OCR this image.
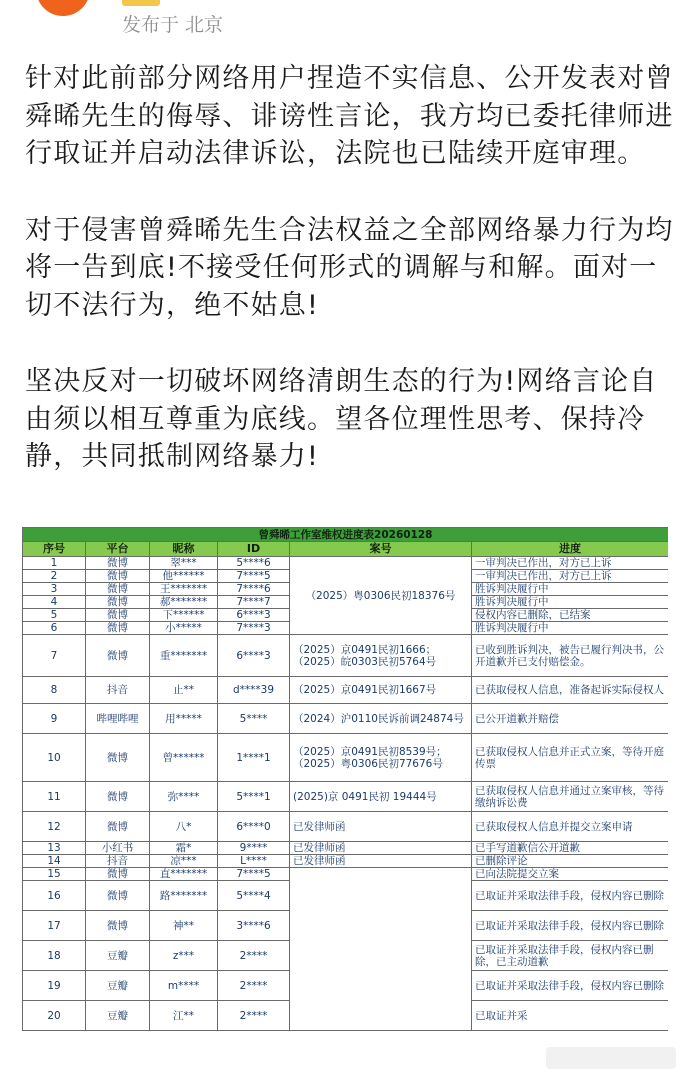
发布于 北京

针对此前部分网络用户捏造不实信息、公开发表对曾舜晞先生的侮辱、诽谤性言论，我方均已委托律师进行取证并启动法律诉讼，法院也已陆续开庭审理。

对于侵害曾舜晞先生合法权益之全部网络暴力行为均将一告到底!不接受任何形式的调解与和解。面对一切不法行为，绝不姑息!

坚决反对一切破坏网络清朗生态的行为!网络言论自由须以相互尊重为底线。望各位理性思考、保持冷静，共同抵制网络暴力!

曾舜晞工作室维权进度表20260128					
序号	平台	昵称	ID	案号	进度
1	微博	翠***	5****6	（2025）粤0306民初18376号	一审判决已作出，对方已上诉
2	微博	他******	7****5		一审判决已作出，对方已上诉
3	微博	王*******	7****6		胜诉判决履行中
4	微博	郝*******	7****7		胜诉判决履行中
5	微博	下******	6****3		侵权内容已删除，已结案
6	微博	小*****	7****3		胜诉判决履行中
7	微博	重*******	6****3	（2025）京0491民初1666；（2025）皖0303民初5764号	已收到胜诉判决，被告已履行判决书，公开道歉并已支付赔偿金。
8	抖音	止**	d****39	（2025）京0491民初1667号	已获取侵权人信息，准备起诉实际侵权人
9	哔哩哔哩	用*****	5****	（2024）沪0110民诉前调24874号	已公开道歉并赔偿
10	微博	曾******	1****1	（2025）京0491民初8539号；（2025）粤0306民初77676号	已获取侵权人信息并正式立案，等待开庭传票
11	微博	弥****	5****1	(2025)京 0491民初 19444号	已获取侵权人信息并通过立案审核，等待缴纳诉讼费
12	微博	八*	6****0	已发律师函	已获取侵权人信息并提交立案申请
13	小红书	霜*	9****	已发律师函	已手写道歉信公开道歉
14	抖音	凉***	L****	已发律师函	已删除评论
15	微博	直*******	7****5		已向法院提交立案
16	微博	路*******	5****4		已取证并采取法律手段，侵权内容已删除
17	微博	神**	3****6		已取证并采取法律手段，侵权内容已删除
18	豆瓣	z***	2****		已取证并采取法律手段，侵权内容已删除，已主动道歉
19	豆瓣	m****	2****		已取证并采取法律手段，侵权内容已删除
20	豆瓣	江**	2****		已取证并采
